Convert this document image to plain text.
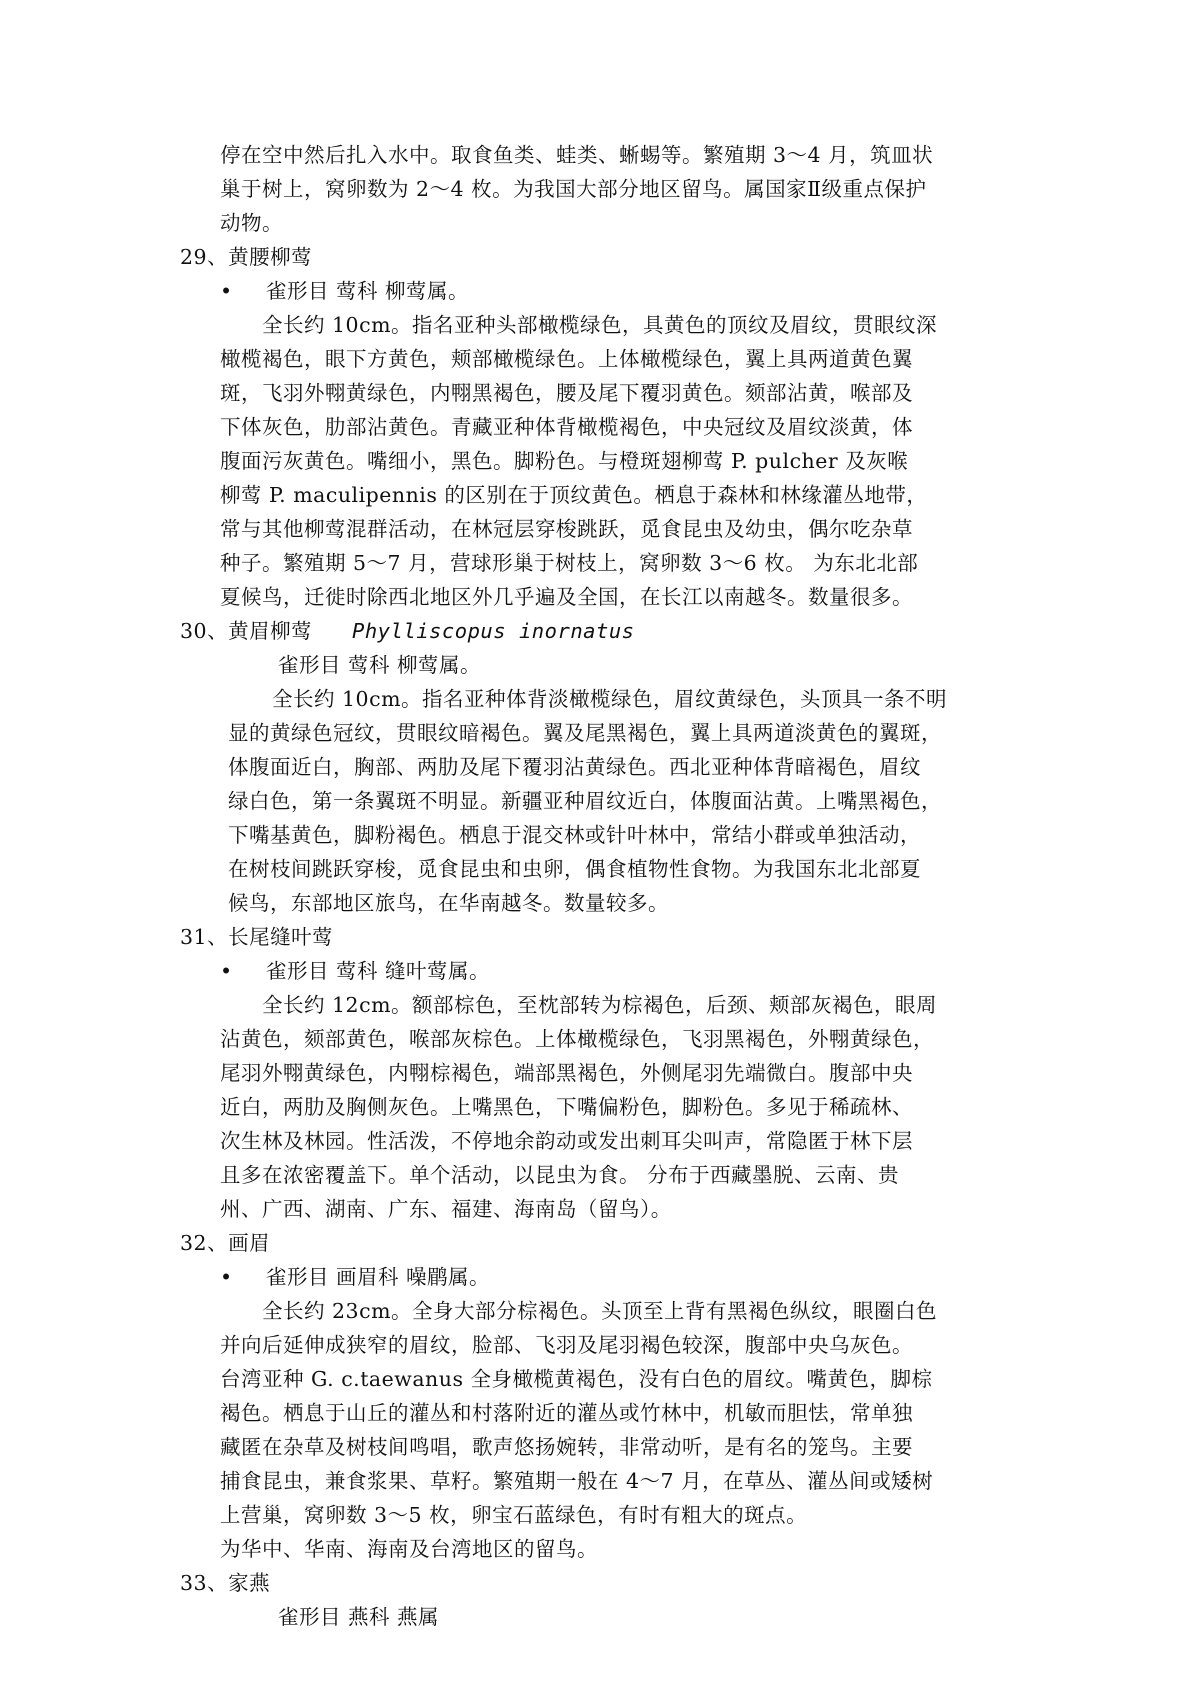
停在空中然后扎入水中。取食鱼类、蛙类、蜥蜴等。繁殖期 3～4 月，筑皿状
巢于树上，窝卵数为 2～4 枚。为我国大部分地区留鸟。属国家Ⅱ级重点保护
动物。
29、黄腰柳莺
• 雀形目 莺科 柳莺属。
全长约 10cm。指名亚种头部橄榄绿色，具黄色的顶纹及眉纹，贯眼纹深
橄榄褐色，眼下方黄色，颊部橄榄绿色。上体橄榄绿色，翼上具两道黄色翼
斑，飞羽外翈黄绿色，内翈黑褐色，腰及尾下覆羽黄色。颏部沾黄，喉部及
下体灰色，肋部沾黄色。青藏亚种体背橄榄褐色，中央冠纹及眉纹淡黄，体
腹面污灰黄色。嘴细小，黑色。脚粉色。与橙斑翅柳莺 P. pulcher 及灰喉
柳莺 P. maculipennis 的区别在于顶纹黄色。栖息于森林和林缘灌丛地带，
常与其他柳莺混群活动，在林冠层穿梭跳跃，觅食昆虫及幼虫，偶尔吃杂草
种子。繁殖期 5～7 月，营球形巢于树枝上，窝卵数 3～6 枚。 为东北北部
夏候鸟，迁徙时除西北地区外几乎遍及全国，在长江以南越冬。数量很多。
30、黄眉柳莺 Phylliscopus inornatus
雀形目 莺科 柳莺属。
全长约 10cm。指名亚种体背淡橄榄绿色，眉纹黄绿色，头顶具一条不明
显的黄绿色冠纹，贯眼纹暗褐色。翼及尾黑褐色，翼上具两道淡黄色的翼斑，
体腹面近白，胸部、两肋及尾下覆羽沾黄绿色。西北亚种体背暗褐色，眉纹
绿白色，第一条翼斑不明显。新疆亚种眉纹近白，体腹面沾黄。上嘴黑褐色，
下嘴基黄色，脚粉褐色。栖息于混交林或针叶林中，常结小群或单独活动，
在树枝间跳跃穿梭，觅食昆虫和虫卵，偶食植物性食物。为我国东北北部夏
候鸟，东部地区旅鸟，在华南越冬。数量较多。
31、长尾缝叶莺
• 雀形目 莺科 缝叶莺属。
全长约 12cm。额部棕色，至枕部转为棕褐色，后颈、颊部灰褐色，眼周
沾黄色，颏部黄色，喉部灰棕色。上体橄榄绿色，飞羽黑褐色，外翈黄绿色，
尾羽外翈黄绿色，内翈棕褐色，端部黑褐色，外侧尾羽先端微白。腹部中央
近白，两肋及胸侧灰色。上嘴黑色，下嘴偏粉色，脚粉色。多见于稀疏林、
次生林及林园。性活泼，不停地余韵动或发出刺耳尖叫声，常隐匿于林下层
且多在浓密覆盖下。单个活动，以昆虫为食。 分布于西藏墨脱、云南、贵
州、广西、湖南、广东、福建、海南岛（留鸟）。
32、画眉
• 雀形目 画眉科 噪鹛属。
全长约 23cm。全身大部分棕褐色。头顶至上背有黑褐色纵纹，眼圈白色
并向后延伸成狭窄的眉纹，脸部、飞羽及尾羽褐色较深，腹部中央乌灰色。
台湾亚种 G. c.taewanus 全身橄榄黄褐色，没有白色的眉纹。嘴黄色，脚棕
褐色。栖息于山丘的灌丛和村落附近的灌丛或竹林中，机敏而胆怯，常单独
藏匿在杂草及树枝间鸣唱，歌声悠扬婉转，非常动听，是有名的笼鸟。主要
捕食昆虫，兼食浆果、草籽。繁殖期一般在 4～7 月，在草丛、灌丛间或矮树
上营巢，窝卵数 3～5 枚，卵宝石蓝绿色，有时有粗大的斑点。
为华中、华南、海南及台湾地区的留鸟。
33、家燕
雀形目 燕科 燕属
